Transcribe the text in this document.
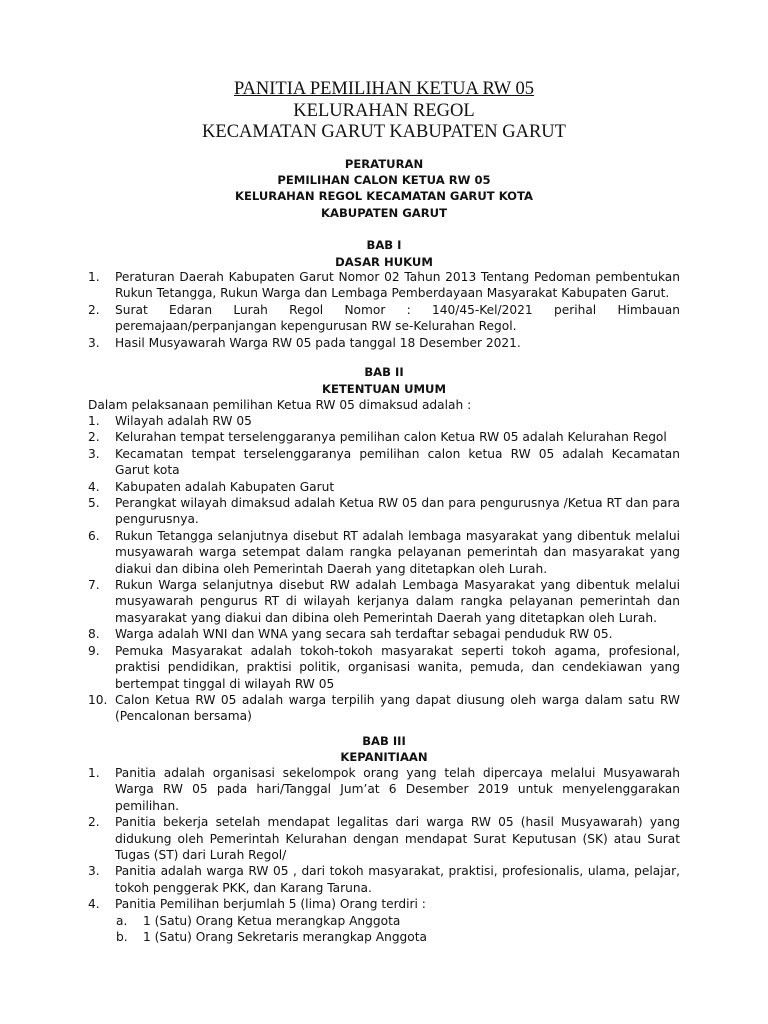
PANITIA PEMILIHAN KETUA RW 05
KELURAHAN REGOL
KECAMATAN GARUT KABUPATEN GARUT
PERATURAN
PEMILIHAN CALON KETUA RW 05
KELURAHAN REGOL KECAMATAN GARUT KOTA
KABUPATEN GARUT
BAB I
DASAR HUKUM
1. Peraturan Daerah Kabupaten Garut Nomor 02 Tahun 2013 Tentang Pedoman pembentukan Rukun Tetangga, Rukun Warga dan Lembaga Pemberdayaan Masyarakat Kabupaten Garut.
2. Surat Edaran Lurah Regol Nomor : 140/45-Kel/2021 perihal Himbauan peremajaan/perpanjangan kepengurusan RW se-Kelurahan Regol.
3. Hasil Musyawarah Warga RW 05 pada tanggal 18 Desember 2021.
BAB II
KETENTUAN UMUM
Dalam pelaksanaan pemilihan Ketua RW 05 dimaksud adalah :
1. Wilayah adalah RW 05
2. Kelurahan tempat terselenggaranya pemilihan calon Ketua RW 05 adalah Kelurahan Regol
3. Kecamatan tempat terselenggaranya pemilihan calon ketua RW 05 adalah Kecamatan Garut kota
4. Kabupaten adalah Kabupaten Garut
5. Perangkat wilayah dimaksud adalah Ketua RW 05 dan para pengurusnya /Ketua RT dan para pengurusnya.
6. Rukun Tetangga selanjutnya disebut RT adalah lembaga masyarakat yang dibentuk melalui musyawarah warga setempat dalam rangka pelayanan pemerintah dan masyarakat yang diakui dan dibina oleh Pemerintah Daerah yang ditetapkan oleh Lurah.
7. Rukun Warga selanjutnya disebut RW adalah Lembaga Masyarakat yang dibentuk melalui musyawarah pengurus RT di wilayah kerjanya dalam rangka pelayanan pemerintah dan masyarakat yang diakui dan dibina oleh Pemerintah Daerah yang ditetapkan oleh Lurah.
8. Warga adalah WNI dan WNA yang secara sah terdaftar sebagai penduduk RW 05.
9. Pemuka Masyarakat adalah tokoh-tokoh masyarakat seperti tokoh agama, profesional, praktisi pendidikan, praktisi politik, organisasi wanita, pemuda, dan cendekiawan yang bertempat tinggal di wilayah RW 05
10. Calon Ketua RW 05 adalah warga terpilih yang dapat diusung oleh warga dalam satu RW (Pencalonan bersama)
BAB III
KEPANITIAAN
1. Panitia adalah organisasi sekelompok orang yang telah dipercaya melalui Musyawarah Warga RW 05 pada hari/Tanggal Jum’at 6 Desember 2019 untuk menyelenggarakan pemilihan.
2. Panitia bekerja setelah mendapat legalitas dari warga RW 05 (hasil Musyawarah) yang didukung oleh Pemerintah Kelurahan dengan mendapat Surat Keputusan (SK) atau Surat Tugas (ST) dari Lurah Regol/
3. Panitia adalah warga RW 05 , dari tokoh masyarakat, praktisi, profesionalis, ulama, pelajar, tokoh penggerak PKK, dan Karang Taruna.
4. Panitia Pemilihan berjumlah 5 (lima) Orang terdiri :
a. 1 (Satu) Orang Ketua merangkap Anggota
b. 1 (Satu) Orang Sekretaris merangkap Anggota
